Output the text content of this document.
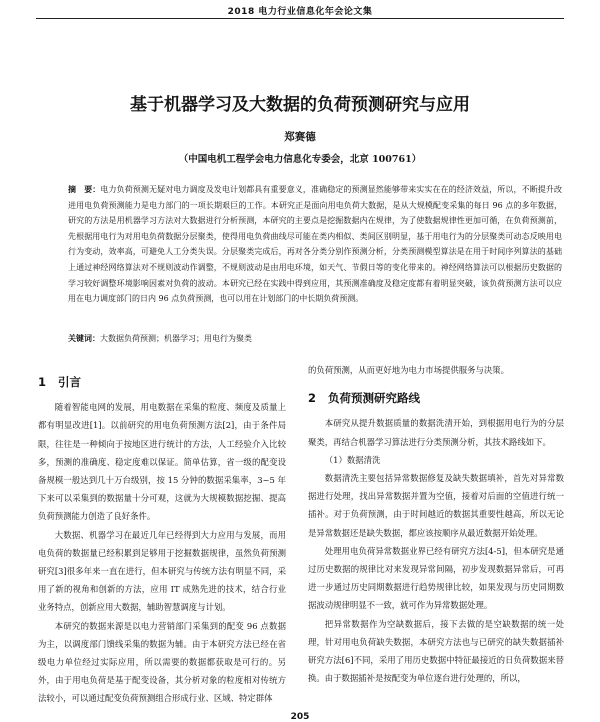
2018 电力行业信息化年会论文集
基于机器学习及大数据的负荷预测研究与应用
郑赛德
（中国电机工程学会电力信息化专委会，北京 100761）
摘　要：电力负荷预测无疑对电力调度及发电计划都具有重要意义，准确稳定的预测显然能够带来实实在在的经济效益，所以，不断提升改进用电负荷预测能力是电力部门的一项长期艰巨的工作。本研究正是面向用电负荷大数据，是从大规模配变采集的每日 96 点的多年数据，研究的方法是用机器学习方法对大数据进行分析预测，本研究的主要点是挖掘数据内在规律，为了使数据规律性更加可循，在负荷预测前，先根据用电行为对用电负荷数据分层聚类，使得用电负荷曲线尽可能在类内相似、类间区别明显，基于用电行为的分层聚类可动态反映用电行为变动，效率高，可避免人工分类失误。分层聚类完成后，再对各分类分别作预测分析，分类预测模型算法是在用于时间序列算法的基础上通过神经网络算法对不规则波动作调整，不规则波动是由用电环境，如天气、节假日等的变化带来的。神经网络算法可以根据历史数据的学习较好调整环境影响因素对负荷的波动。本研究已经在实践中得到应用，其预测准确度及稳定度都有着明显突破，该负荷预测方法可以应用在电力调度部门的日内 96 点负荷预测，也可以用在计划部门的中长期负荷预测。
关键词：大数据负荷预测；机器学习；用电行为聚类
1 引言

随着智能电网的发展，用电数据在采集的粒度、频度及质量上都有明显改进[1]。以前研究的用电负荷预测方法[2]，由于条件局限，往往是一种倾向于按地区进行统计的方法，人工经验介入比较多，预测的准确度、稳定度难以保证。简单估算，省一级的配变设备规模一般达到几十万台级别，按 15 分钟的数据采集率，3~5 年下来可以采集到的数据量十分可观，这就为大规模数据挖掘、提高负荷预测能力创造了良好条件。

大数据、机器学习在最近几年已经得到大力应用与发展，而用电负荷的数据量已经积累到足够用于挖掘数据规律，虽然负荷预测研究[3]很多年来一直在进行，但本研究与传统方法有明显不同，采用了新的视角和创新的方法，应用 IT 成熟先进的技术，结合行业业务特点，创新应用大数据，辅助智慧调度与计划。

本研究的数据来源是以电力营销部门采集到的配变 96 点数据为主，以调度部门馈线采集的数据为辅。由于本研究方法已经在省级电力单位经过实际应用，所以需要的数据都获取是可行的。另外，由于用电负荷是基于配变设备，其分析对象的粒度相对传统方法较小，可以通过配变负荷预测组合形成行业、区域、特定群体

的负荷预测，从而更好地为电力市场提供服务与决策。

2 负荷预测研究路线

本研究从提升数据质量的数据洗清开始，到根据用电行为的分层聚类，再结合机器学习算法进行分类预测分析，其技术路线如下。

（1）数据清洗

数据清洗主要包括异常数据修复及缺失数据填补，首先对异常数据进行处理，找出异常数据并置为空值，接着对后面的空值进行统一插补。对于负荷预测，由于时间越近的数据其重要性越高，所以无论是异常数据还是缺失数据，都应该按顺序从最近数据开始处理。

处理用电负荷异常数据业界已经有研究方法[4-5]，但本研究是通过历史数据的规律比对来发现异常间隔，初步发现数据异常后，可再进一步通过历史同期数据进行趋势规律比较，如果发现与历史同期数据波动规律明显不一致，就可作为异常数据处理。

把异常数据作为空缺数据后，接下去做的是空缺数据的统一处理，针对用电负荷缺失数据，本研究方法也与已研究的缺失数据插补研究方法[6]不同，采用了用历史数据中特征最接近的日负荷数据来替换。由于数据插补是按配变为单位逐台进行处理的，所以，

205
